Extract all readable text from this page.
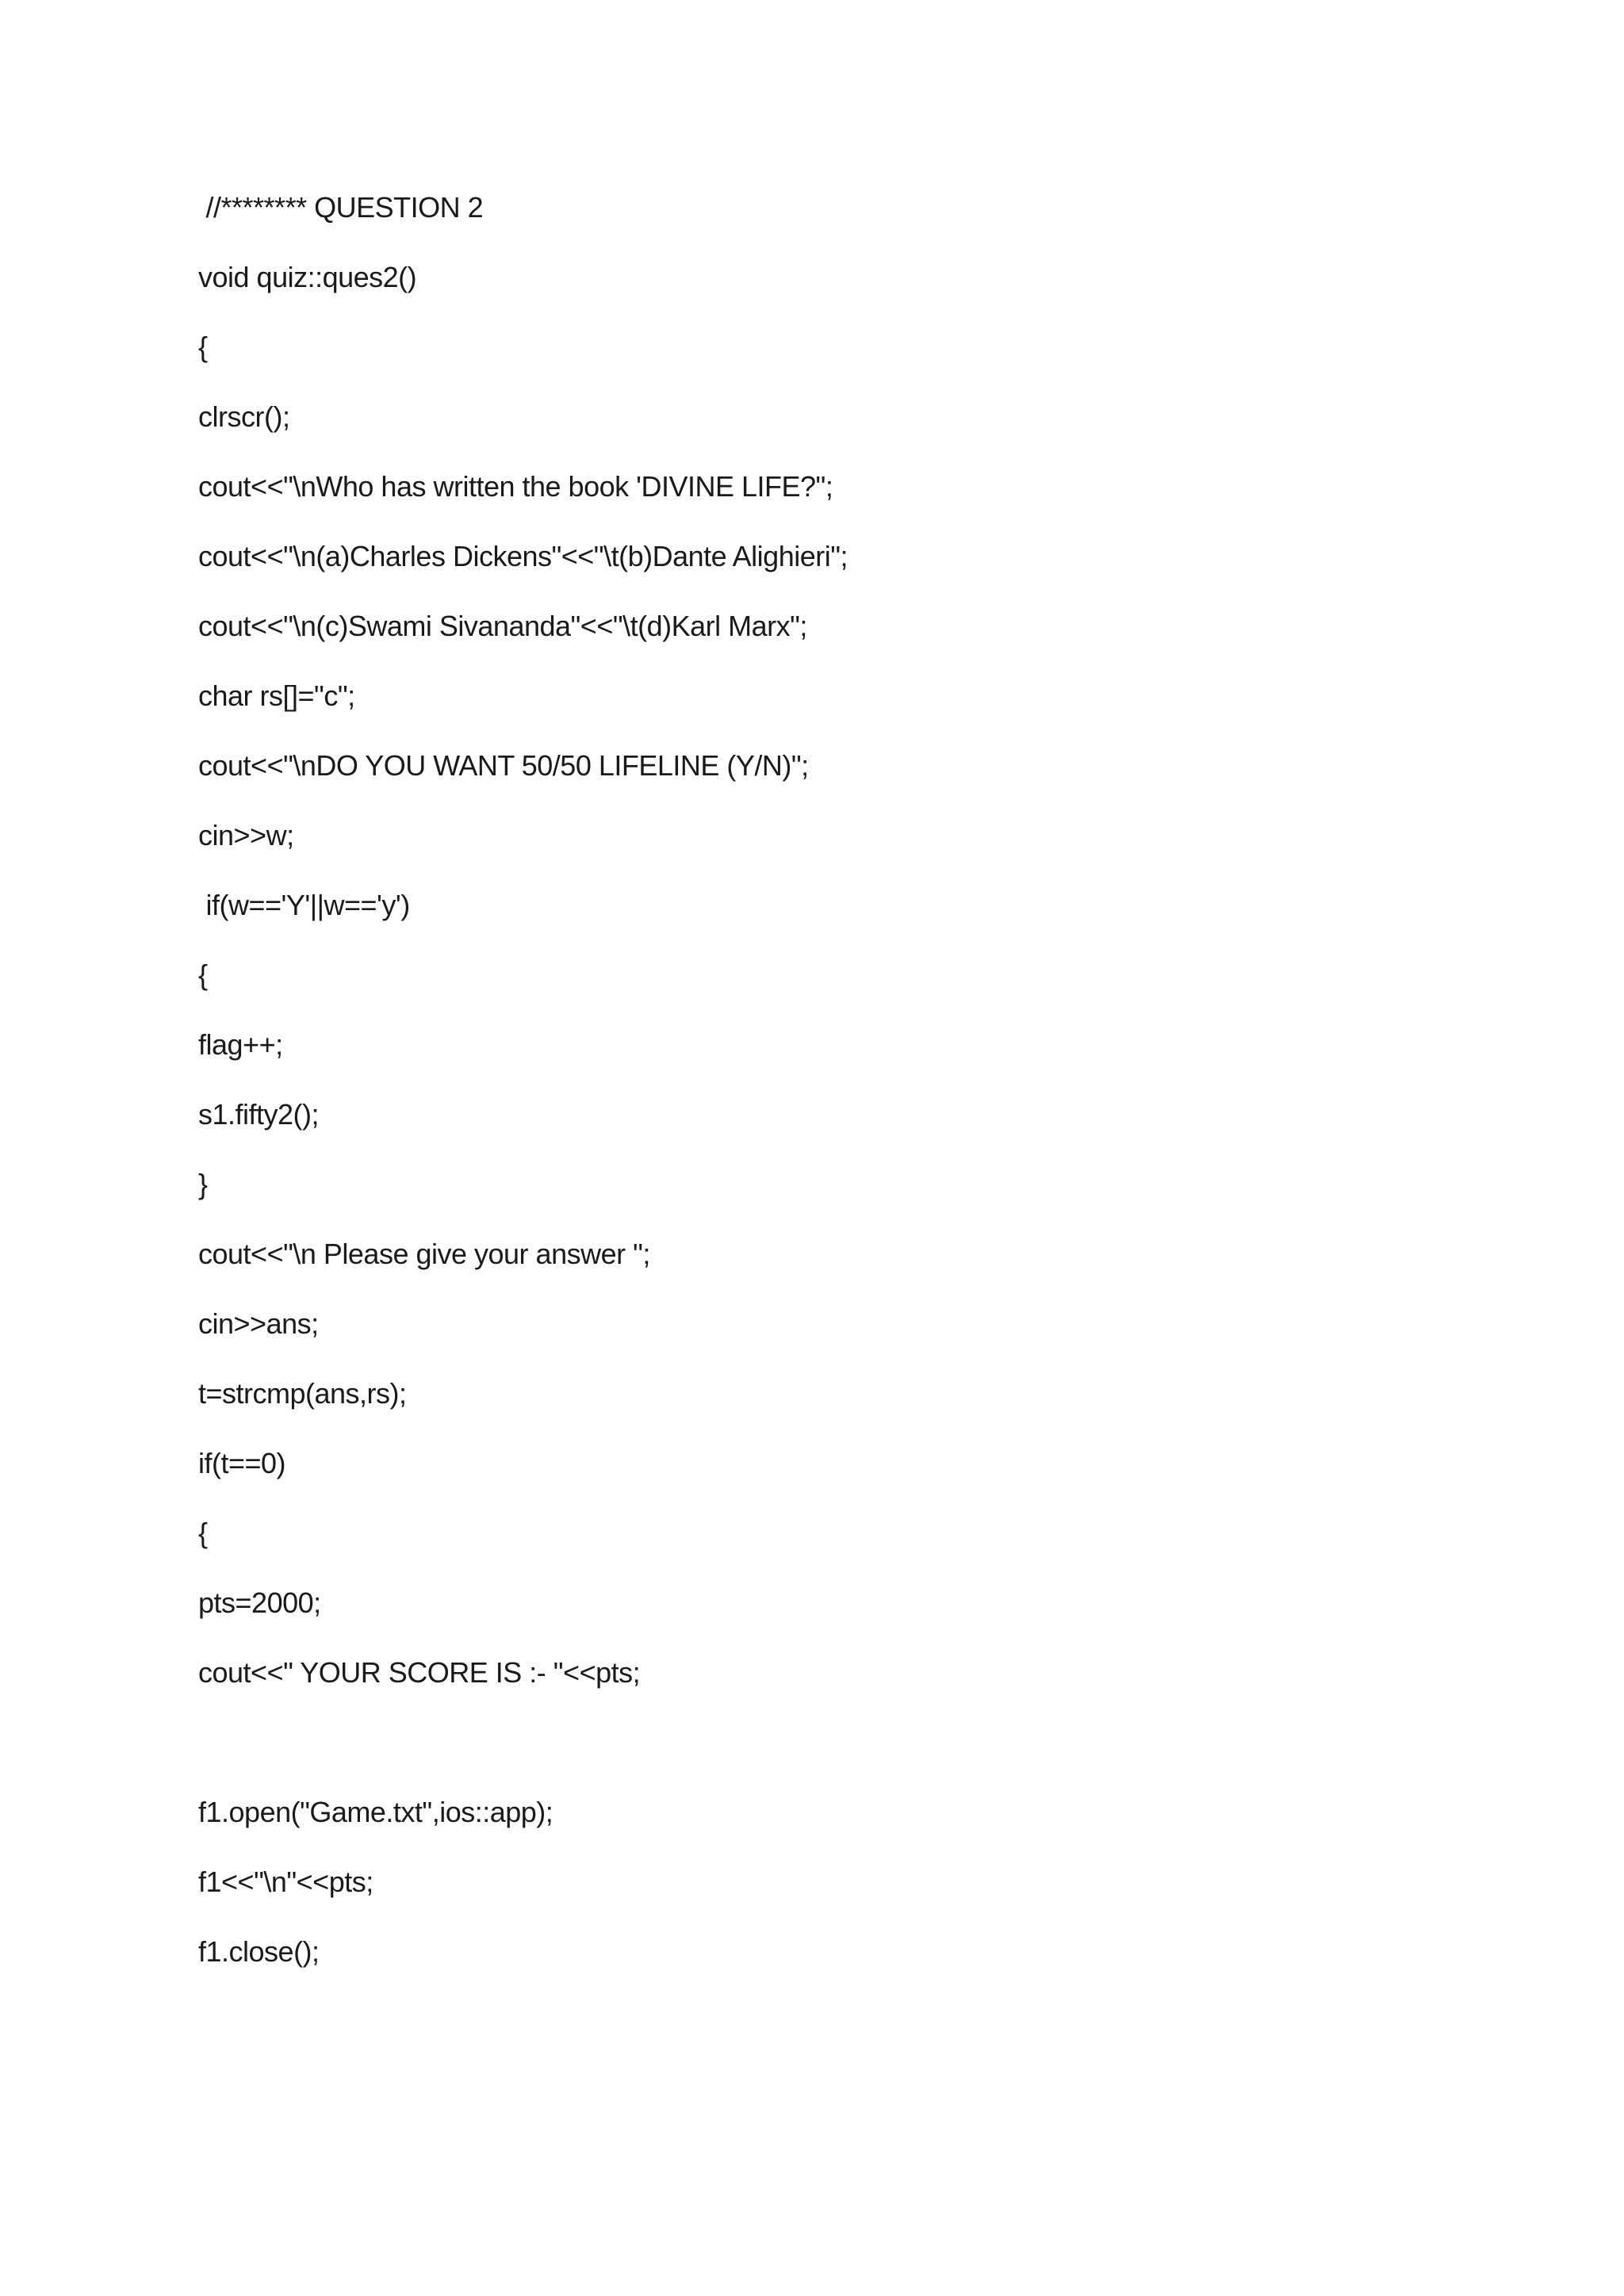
//******** QUESTION 2
void quiz::ques2()
{
clrscr();
cout<<"\nWho has written the book 'DIVINE LIFE?";
cout<<"\n(a)Charles Dickens"<<"\t(b)Dante Alighieri";
cout<<"\n(c)Swami Sivananda"<<"\t(d)Karl Marx";
char rs[]="c";
cout<<"\nDO YOU WANT 50/50 LIFELINE (Y/N)";
cin>>w;
if(w=='Y'||w=='y')
{
flag++;
s1.fifty2();
}
cout<<"\n Please give your answer ";
cin>>ans;
t=strcmp(ans,rs);
if(t==0)
{
pts=2000;
cout<<" YOUR SCORE IS :- "<<pts;
f1.open("Game.txt",ios::app);
f1<<"\n"<<pts;
f1.close();
